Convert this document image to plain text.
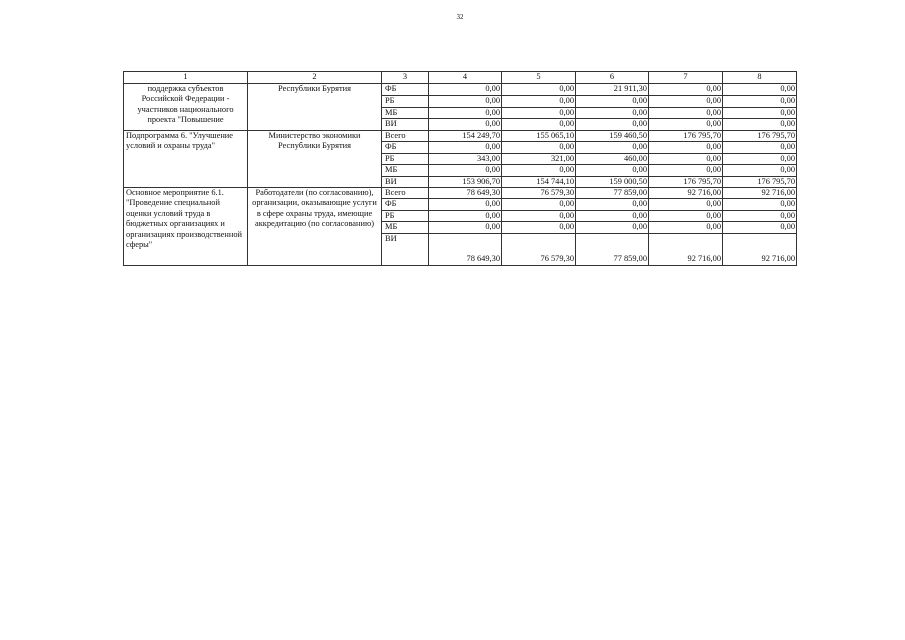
32
1	2	3	4	5	6	7	8

поддержка субъектов Российской Федерации - участников национального проекта "Повышение	Республики Бурятия	ФБ	0,00	0,00	21 911,30	0,00	0,00
		РБ	0,00	0,00	0,00	0,00	0,00
		МБ	0,00	0,00	0,00	0,00	0,00
		ВИ	0,00	0,00	0,00	0,00	0,00
Подпрограмма 6. "Улучшение условий и охраны труда"	Министерство экономики Республики Бурятия	Всего	154 249,70	155 065,10	159 460,50	176 795,70	176 795,70
		ФБ	0,00	0,00	0,00	0,00	0,00
		РБ	343,00	321,00	460,00	0,00	0,00
		МБ	0,00	0,00	0,00	0,00	0,00
		ВИ	153 906,70	154 744,10	159 000,50	176 795,70	176 795,70
Основное мероприятие 6.1. "Проведение специальной оценки условий труда в бюджетных организациях и организациях производственной сферы"	Работодатели (по согласованию), организации, оказывающие услуги в сфере охраны труда, имеющие аккредитацию (по согласованию)	Всего	78 649,30	76 579,30	77 859,00	92 716,00	92 716,00
		ФБ	0,00	0,00	0,00	0,00	0,00
		РБ	0,00	0,00	0,00	0,00	0,00
		МБ	0,00	0,00	0,00	0,00	0,00
		ВИ	78 649,30	76 579,30	77 859,00	92 716,00	92 716,00
